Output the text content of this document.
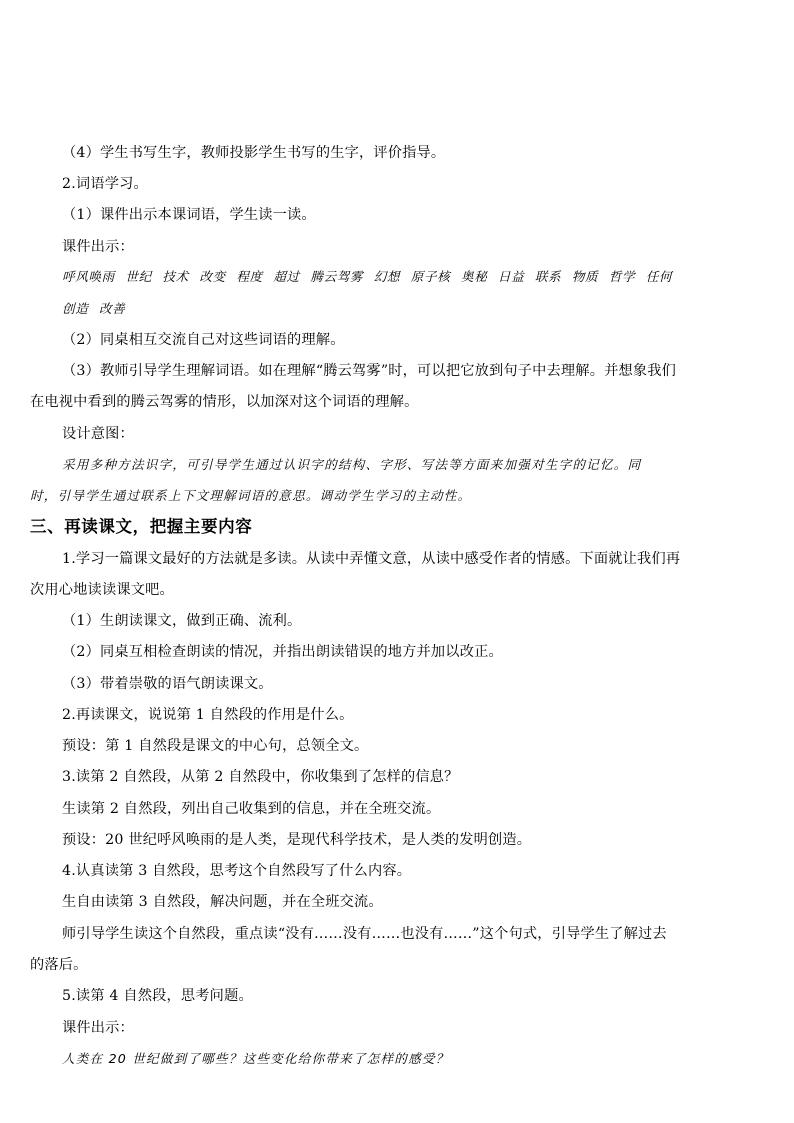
（4）学生书写生字，教师投影学生书写的生字，评价指导。
2.词语学习。
（1）课件出示本课词语，学生读一读。
课件出示：
呼风唤雨 世纪 技术 改变 程度 超过 腾云驾雾 幻想 原子核 奥秘 日益 联系 物质 哲学 任何
创造 改善
（2）同桌相互交流自己对这些词语的理解。
（3）教师引导学生理解词语。如在理解“腾云驾雾”时，可以把它放到句子中去理解。并想象我们
在电视中看到的腾云驾雾的情形，以加深对这个词语的理解。
设计意图：
采用多种方法识字，可引导学生通过认识字的结构、字形、写法等方面来加强对生字的记忆。同
时，引导学生通过联系上下文理解词语的意思。调动学生学习的主动性。
三、再读课文，把握主要内容
1.学习一篇课文最好的方法就是多读。从读中弄懂文意，从读中感受作者的情感。下面就让我们再
次用心地读读课文吧。
（1）生朗读课文，做到正确、流利。
（2）同桌互相检查朗读的情况，并指出朗读错误的地方并加以改正。
（3）带着崇敬的语气朗读课文。
2.再读课文，说说第 1 自然段的作用是什么。
预设：第 1 自然段是课文的中心句，总领全文。
3.读第 2 自然段，从第 2 自然段中，你收集到了怎样的信息？
生读第 2 自然段，列出自己收集到的信息，并在全班交流。
预设：20 世纪呼风唤雨的是人类，是现代科学技术，是人类的发明创造。
4.认真读第 3 自然段，思考这个自然段写了什么内容。
生自由读第 3 自然段，解决问题，并在全班交流。
师引导学生读这个自然段，重点读“没有……没有……也没有……”这个句式，引导学生了解过去
的落后。
5.读第 4 自然段，思考问题。
课件出示：
人类在 20 世纪做到了哪些？这些变化给你带来了怎样的感受？
